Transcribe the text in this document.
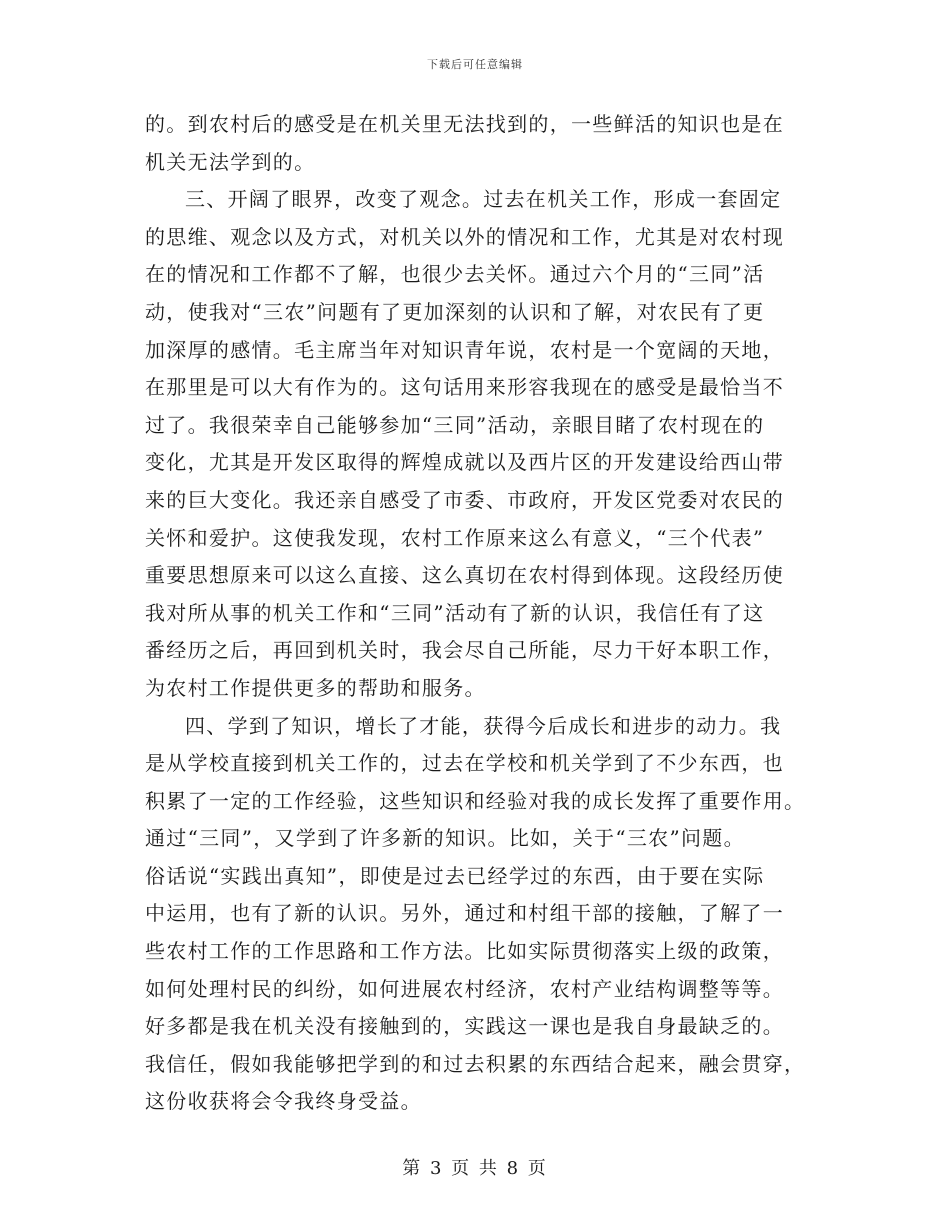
下载后可任意编辑
的。到农村后的感受是在机关里无法找到的，一些鲜活的知识也是在
机关无法学到的。
三、开阔了眼界，改变了观念。过去在机关工作，形成一套固定
的思维、观念以及方式，对机关以外的情况和工作，尤其是对农村现
在的情况和工作都不了解，也很少去关怀。通过六个月的“三同”活
动，使我对“三农”问题有了更加深刻的认识和了解，对农民有了更
加深厚的感情。毛主席当年对知识青年说，农村是一个宽阔的天地，
在那里是可以大有作为的。这句话用来形容我现在的感受是最恰当不
过了。我很荣幸自己能够参加“三同”活动，亲眼目睹了农村现在的
变化，尤其是开发区取得的辉煌成就以及西片区的开发建设给西山带
来的巨大变化。我还亲自感受了市委、市政府，开发区党委对农民的
关怀和爱护。这使我发现，农村工作原来这么有意义，“三个代表”
重要思想原来可以这么直接、这么真切在农村得到体现。这段经历使
我对所从事的机关工作和“三同”活动有了新的认识，我信任有了这
番经历之后，再回到机关时，我会尽自己所能，尽力干好本职工作，
为农村工作提供更多的帮助和服务。
四、学到了知识，增长了才能，获得今后成长和进步的动力。我
是从学校直接到机关工作的，过去在学校和机关学到了不少东西，也
积累了一定的工作经验，这些知识和经验对我的成长发挥了重要作用。
通过“三同”，又学到了许多新的知识。比如，关于“三农”问题。
俗话说“实践出真知”，即使是过去已经学过的东西，由于要在实际
中运用，也有了新的认识。另外，通过和村组干部的接触，了解了一
些农村工作的工作思路和工作方法。比如实际贯彻落实上级的政策，
如何处理村民的纠纷，如何进展农村经济，农村产业结构调整等等。
好多都是我在机关没有接触到的，实践这一课也是我自身最缺乏的。
我信任，假如我能够把学到的和过去积累的东西结合起来，融会贯穿，
这份收获将会令我终身受益。
第 3 页 共 8 页
